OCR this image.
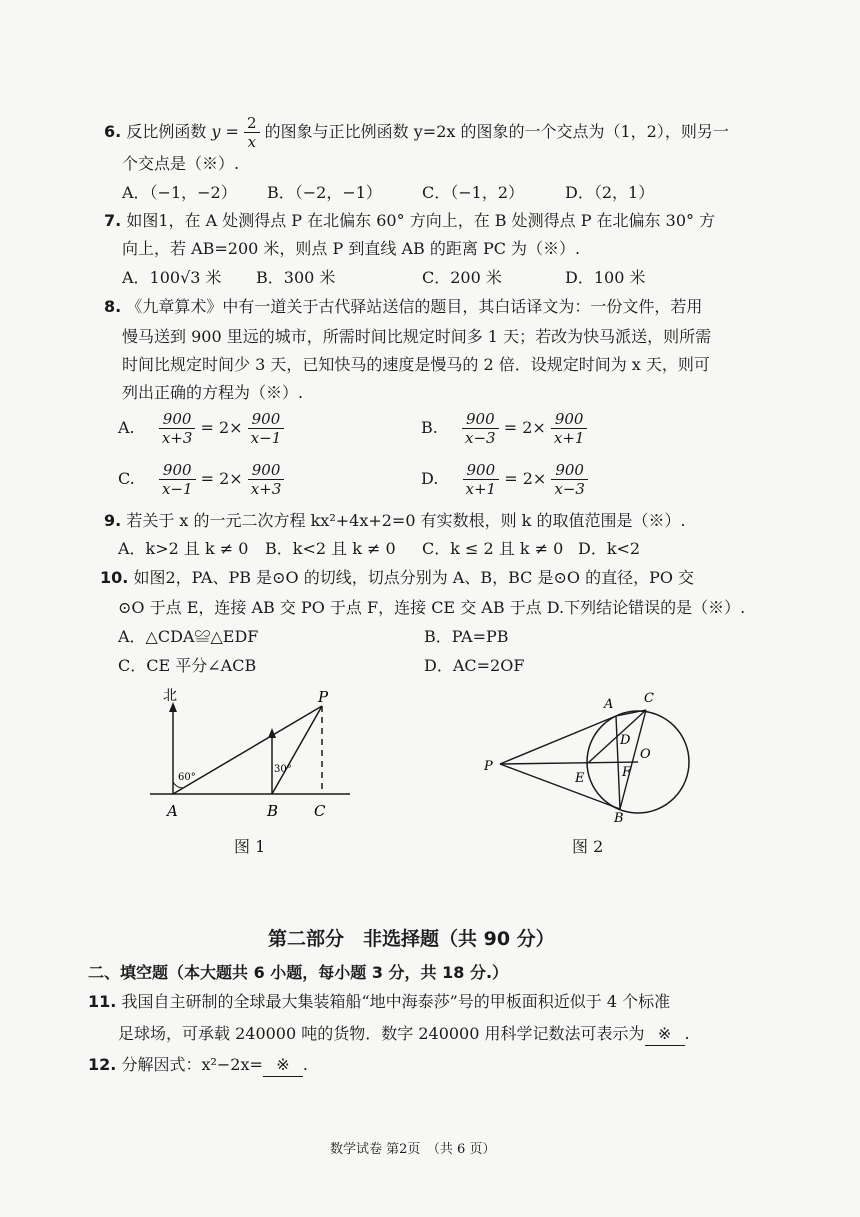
6. 反比例函数 $y = \frac{2}{x}$ 的图象与正比例函数 y=2x 的图象的一个交点为（1，2），则另一
个交点是（※）.
A．（−1，−2） B．（−2，−1）	C．（−1，2）	D．（2，1）
7. 如图1，在 A 处测得点 P 在北偏东 60° 方向上，在 B 处测得点 P 在北偏东 30° 方
向上，若 AB=200 米，则点 P 到直线 AB 的距离 PC 为（※）.
A．100√3 米 B．300 米	C．200 米	D．100 米
8. 《九章算术》中有一道关于古代驿站送信的题目，其白话译文为：一份文件，若用
慢马送到 900 里远的城市，所需时间比规定时间多 1 天；若改为快马派送，则所需
时间比规定时间少 3 天，已知快马的速度是慢马的 2 倍．设规定时间为 x 天，则可
列出正确的方程为（※）.
A. $\frac{900}{x+3} = 2\times \frac{900}{x-1}$	B. $\frac{900}{x-3} = 2\times \frac{900}{x+1}$
C. $\frac{900}{x-1} = 2\times \frac{900}{x+3}$	D. $\frac{900}{x+1} = 2\times \frac{900}{x-3}$
9. 若关于 x 的一元二次方程 kx²+4x+2=0 有实数根，则 k 的取值范围是（※）.
A．k>2 且 k ≠ 0 B．k<2 且 k ≠ 0 C．k ≤ 2 且 k ≠ 0 D．k<2
10. 如图2，PA、PB 是⊙O 的切线，切点分别为 A、B，BC 是⊙O 的直径，PO 交
⊙O 于点 E，连接 AB 交 PO 于点 F，连接 CE 交 AB 于点 D.下列结论错误的是（※）.
A．△CDA≌△EDF	B．PA=PB
C．CE 平分∠ACB	D．AC=2OF
北
60°
30°
A	B C
P
图 1
A C
D
O
F
E
P
B
图 2
第二部分　非选择题（共 90 分）
二、填空题（本大题共 6 小题，每小题 3 分，共 18 分.）
11. 我国自主研制的全球最大集装箱船“地中海泰莎”号的甲板面积近似于 4 个标准
足球场，可承载 240000 吨的货物．数字 240000 用科学记数法可表示为 ※ .
12. 分解因式：x²−2x= ※ .
数学试卷 第2页　（共 6 页）
